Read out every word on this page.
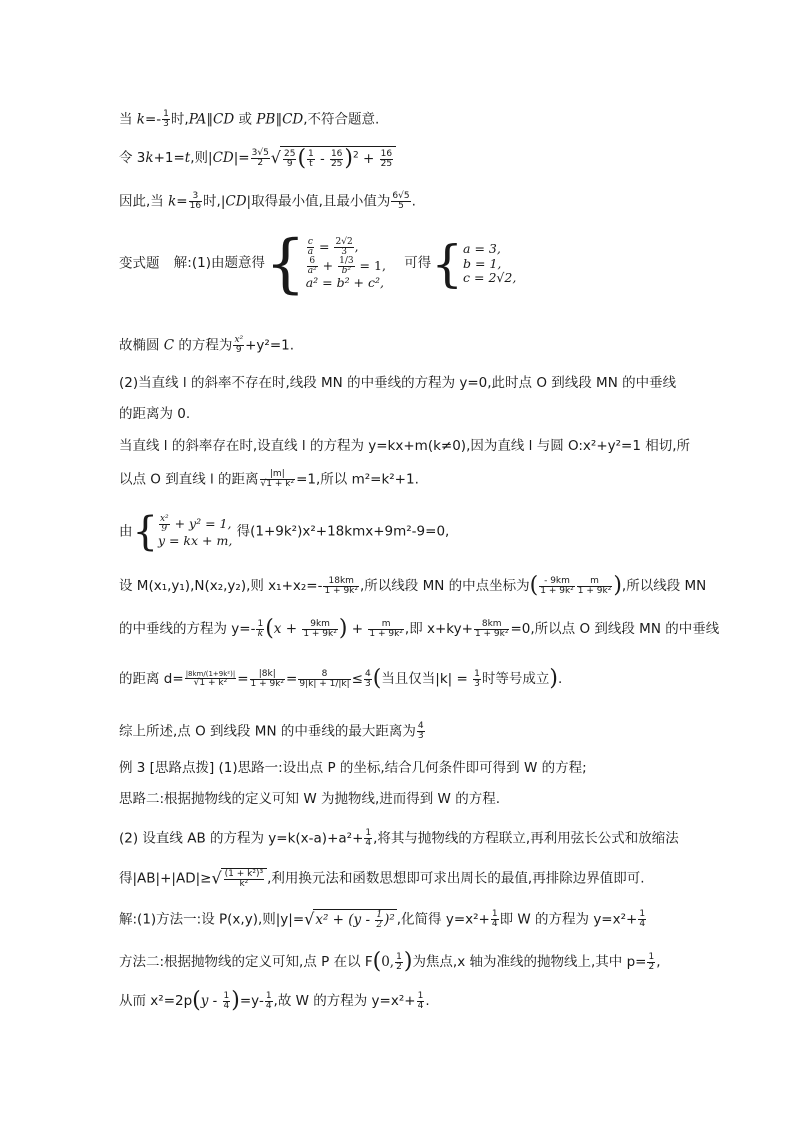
当 $k=- \frac{1}{3}$ 时,PA∥CD 或 PB∥CD,不符合题意.
令 3k+1=t,则$|CD|= \frac{3√5}{2}$ √ $\frac{25}{9}$ ( $\frac{1}{t} - \frac{16}{25} )^2 + \frac{16}{25}$
因此,当 $k= \frac{3}{16}$ 时,|CD|取得最小值,且最小值为 $\frac{6√5}{5}$ .
变式题 解:(1)由题意得{ $\frac{c}{a} = \frac{2√2}{3}$ ,
$\frac{6}{\text{a²}} + \frac{1/3}{\text{b²}} = 1$,
a² = b² + c²,
可得{ a = 3,
b = 1,
c = 2√2,
故椭圆 C 的方程为 $\frac{\text{x²}}{9} +y^2=1$.
(2)当直线 l 的斜率不存在时,线段 MN 的中垂线的方程为 y=0,此时点 O 到线段 MN 的中垂线
的距离为 0.
当直线 l 的斜率存在时,设直线 l 的方程为 y=kx+m(k≠0),因为直线 l 与圆 O:x²+y²=1 相切,所
以点 O 到直线 l 的距离 $\frac{|m|}{\text{√1 + k²}} =1$,所以 m²=k²+1.
由{ $\frac{\text{x²}}{9} + y^2 = 1$,
y = kx + m,
得(1+9k²)x²+18kmx+9m²-9=0,
设 M(x₁,y₁),N(x₂,y₂),则 $x_1+x_2=- \frac{18km}{\text{1 + 9k²}}$ ,所以线段 MN 的中点坐标为( $\frac{- 9km}{\text{1 + 9k²}} \frac{m}{\text{1 + 9k²}}$ ),所以线段 MN
的中垂线的方程为 $y=- \frac{1}{k} (x + \frac{9km}{\text{1 + 9k²}}$ ) + $\frac{m}{\text{1 + 9k²}}$ ,即 $x+ky+ \frac{8km}{\text{1 + 9k²}} =0$,所以点 O 到线段 MN 的中垂线
的距离 d= |8km/(1+9k²)|
$√1 + k^2 = \frac{|8k|}{\text{1 + 9k²}} = \frac{8}{9|k| + 1/|k|} \le \frac{4}{3}$ (当且仅当$|k| = \frac{1}{3}$ 时等号成立).
综上所述,点 O 到线段 MN 的中垂线的最大距离为 $\frac{4}{3}$
例 3 [思路点拨] (1)思路一:设出点 P 的坐标,结合几何条件即可得到 W 的方程;
思路二:根据抛物线的定义可知 W 为抛物线,进而得到 W 的方程.
(2) 设直线 AB 的方程为 $y=k(x-a)+a^2+ \frac{1}{4}$ ,将其与抛物线的方程联立,再利用弦长公式和放缩法
得$|AB|+|AD|\ge√ \frac{\text{(1 + k²)³}}{\text{k²}}$ ,利用换元法和函数思想即可求出周长的最值,再排除边界值即可.
解:(1)方法一:设 P(x,y),则$|y|=√x^2 + (y - \frac{1}{2} )^2$ ,化简得 $y=x^2+ \frac{1}{4}$ 即 W 的方程为 $y=x^2+ \frac{1}{4}$
方法二:根据抛物线的定义可知,点 P 在以 F(0, $\frac{1}{2}$ )为焦点,x 轴为准线的抛物线上,其中 $p= \frac{1}{2}$ ,
从而 $x^2=2p(y - \frac{1}{4} )=y- \frac{1}{4}$ ,故 W 的方程为 $y=x^2+ \frac{1}{4}$ .
